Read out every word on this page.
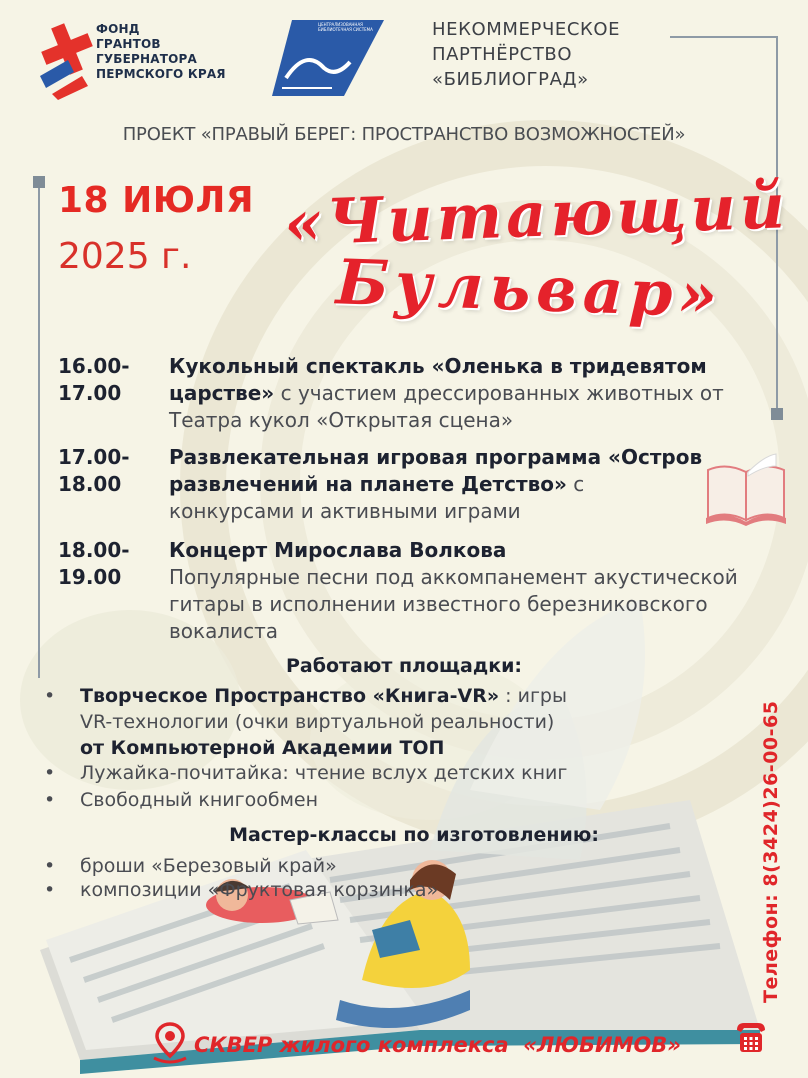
ФОНД
ГРАНТОВ
ГУБЕРНАТОРА
ПЕРМСКОГО КРАЯ
ЦЕНТРАЛИЗОВАННАЯ БИБЛИОТЕЧНАЯ СИСТЕМА	НЕКОММЕРЧЕСКОЕ
ПАРТНЁРСТВО
«БИБЛИОГРАД»
ПРОЕКТ «ПРАВЫЙ БЕРЕГ: ПРОСТРАНСТВО ВОЗМОЖНОСТЕЙ»
18 ИЮЛЯ
2025 г. «Читающий
Бульвар»
16.00-
17.00
Кукольный спектакль «Оленька в тридевятом царстве» с участием дрессированных животных от Театра кукол «Открытая сцена»
17.00-
18.00
Развлекательная игровая программа «Остров развлечений на планете Детство» с конкурсами и активными играми
18.00-
19.00
Концерт Мирослава Волкова
Популярные песни под аккомпанемент акустической гитары в исполнении известного березниковского вокалиста
Работают площадки:
• Творческое Пространство «Книга-VR» : игры
VR-технологии (очки виртуальной реальности)
от Компьютерной Академии ТОП
• Лужайка-почитайка: чтение вслух детских книг
• Свободный книгообмен
Мастер-классы по изготовлению:
• броши «Березовый край»
• композиции «Фруктовая корзинка»	Телефон: 8(3424)26-00-65
СКВЕР жилого комплекса  «ЛЮБИМОВ»
